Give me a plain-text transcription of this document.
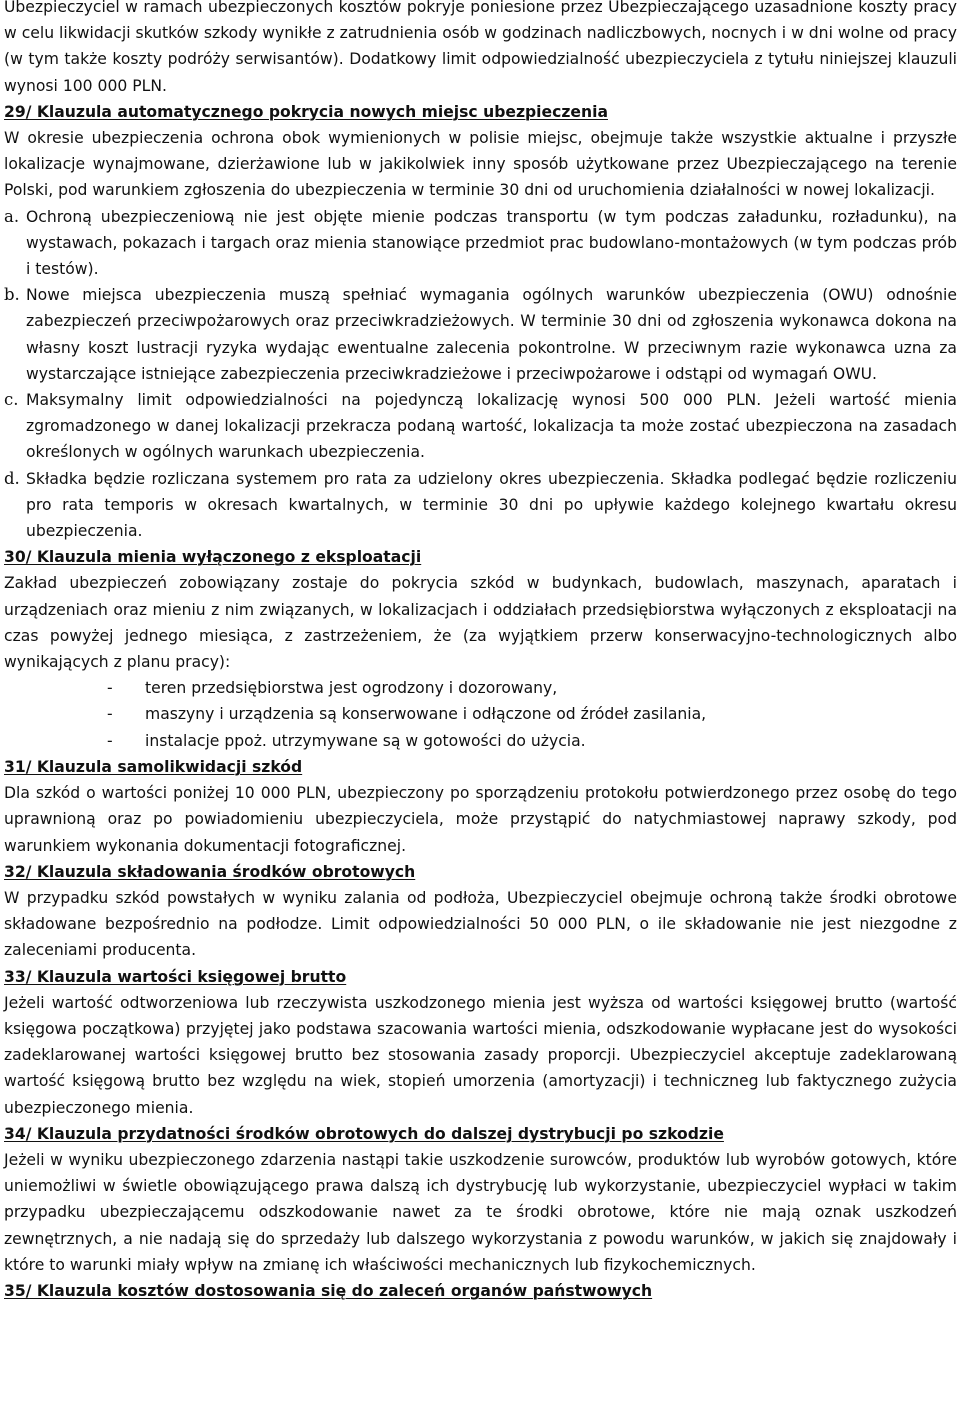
Ubezpieczyciel w ramach ubezpieczonych kosztów pokryje poniesione przez Ubezpieczającego uzasadnione koszty pracy w celu likwidacji skutków szkody wynikłe z zatrudnienia osób w godzinach nadliczbowych, nocnych i w dni wolne od pracy (w tym także koszty podróży serwisantów). Dodatkowy limit odpowiedzialność ubezpieczyciela z tytułu niniejszej klauzuli wynosi 100 000 PLN.

29/ Klauzula automatycznego pokrycia nowych miejsc ubezpieczenia

W okresie ubezpieczenia ochrona obok wymienionych w polisie miejsc, obejmuje także wszystkie aktualne i przyszłe lokalizacje wynajmowane, dzierżawione lub w jakikolwiek inny sposób użytkowane przez Ubezpieczającego na terenie Polski, pod warunkiem zgłoszenia do ubezpieczenia w terminie 30 dni od uruchomienia działalności w nowej lokalizacji.

a. Ochroną ubezpieczeniową nie jest objęte mienie podczas transportu (w tym podczas załadunku, rozładunku), na wystawach, pokazach i targach oraz mienia stanowiące przedmiot prac budowlano-montażowych (w tym podczas prób i testów).

b. Nowe miejsca ubezpieczenia muszą spełniać wymagania ogólnych warunków ubezpieczenia (OWU) odnośnie zabezpieczeń przeciwpożarowych oraz przeciwkradzieżowych. W terminie 30 dni od zgłoszenia wykonawca dokona na własny koszt lustracji ryzyka wydając ewentualne zalecenia pokontrolne. W przeciwnym razie wykonawca uzna za wystarczające istniejące zabezpieczenia przeciwkradzieżowe i przeciwpożarowe i odstąpi od wymagań OWU.

c. Maksymalny limit odpowiedzialności na pojedynczą lokalizację wynosi 500 000 PLN. Jeżeli wartość mienia zgromadzonego w danej lokalizacji przekracza podaną wartość, lokalizacja ta może zostać ubezpieczona na zasadach określonych w ogólnych warunkach ubezpieczenia.

d. Składka będzie rozliczana systemem pro rata za udzielony okres ubezpieczenia. Składka podlegać będzie rozliczeniu pro rata temporis w okresach kwartalnych, w terminie 30 dni po upływie każdego kolejnego kwartału okresu ubezpieczenia.

30/ Klauzula mienia wyłączonego z eksploatacji

Zakład ubezpieczeń zobowiązany zostaje do pokrycia szkód w budynkach, budowlach, maszynach, aparatach i urządzeniach oraz mieniu z nim związanych, w lokalizacjach i oddziałach przedsiębiorstwa wyłączonych z eksploatacji na czas powyżej jednego miesiąca, z zastrzeżeniem, że (za wyjątkiem przerw konserwacyjno-technologicznych albo wynikających z planu pracy):

-	teren przedsiębiorstwa jest ogrodzony i dozorowany,
-	maszyny i urządzenia są konserwowane i odłączone od źródeł zasilania,
-	instalacje ppoż. utrzymywane są w gotowości do użycia.

31/ Klauzula samolikwidacji szkód

Dla szkód o wartości poniżej 10 000 PLN, ubezpieczony po sporządzeniu protokołu potwierdzonego przez osobę do tego uprawnioną oraz po powiadomieniu ubezpieczyciela, może przystąpić do natychmiastowej naprawy szkody, pod warunkiem wykonania dokumentacji fotograficznej.

32/ Klauzula składowania środków obrotowych

W przypadku szkód powstałych w wyniku zalania od podłoża, Ubezpieczyciel obejmuje ochroną także środki obrotowe składowane bezpośrednio na podłodze. Limit odpowiedzialności 50 000 PLN, o ile składowanie nie jest niezgodne z zaleceniami producenta.

33/ Klauzula wartości księgowej brutto

Jeżeli wartość odtworzeniowa lub rzeczywista uszkodzonego mienia jest wyższa od wartości księgowej brutto (wartość księgowa początkowa) przyjętej jako podstawa szacowania wartości mienia, odszkodowanie wypłacane jest do wysokości zadeklarowanej wartości księgowej brutto bez stosowania zasady proporcji. Ubezpieczyciel akceptuje zadeklarowaną wartość księgową brutto bez względu na wiek, stopień umorzenia (amortyzacji) i techniczneg lub faktycznego zużycia ubezpieczonego mienia.

34/ Klauzula przydatności środków obrotowych do dalszej dystrybucji po szkodzie

Jeżeli w wyniku ubezpieczonego zdarzenia nastąpi takie uszkodzenie surowców, produktów lub wyrobów gotowych, które uniemożliwi w świetle obowiązującego prawa dalszą ich dystrybucję lub wykorzystanie, ubezpieczyciel wypłaci w takim przypadku ubezpieczającemu odszkodowanie nawet za te środki obrotowe, które nie mają oznak uszkodzeń zewnętrznych, a nie nadają się do sprzedaży lub dalszego wykorzystania z powodu warunków, w jakich się znajdowały i które to warunki miały wpływ na zmianę ich właściwości mechanicznych lub fizykochemicznych.

35/ Klauzula kosztów dostosowania się do zaleceń organów państwowych
